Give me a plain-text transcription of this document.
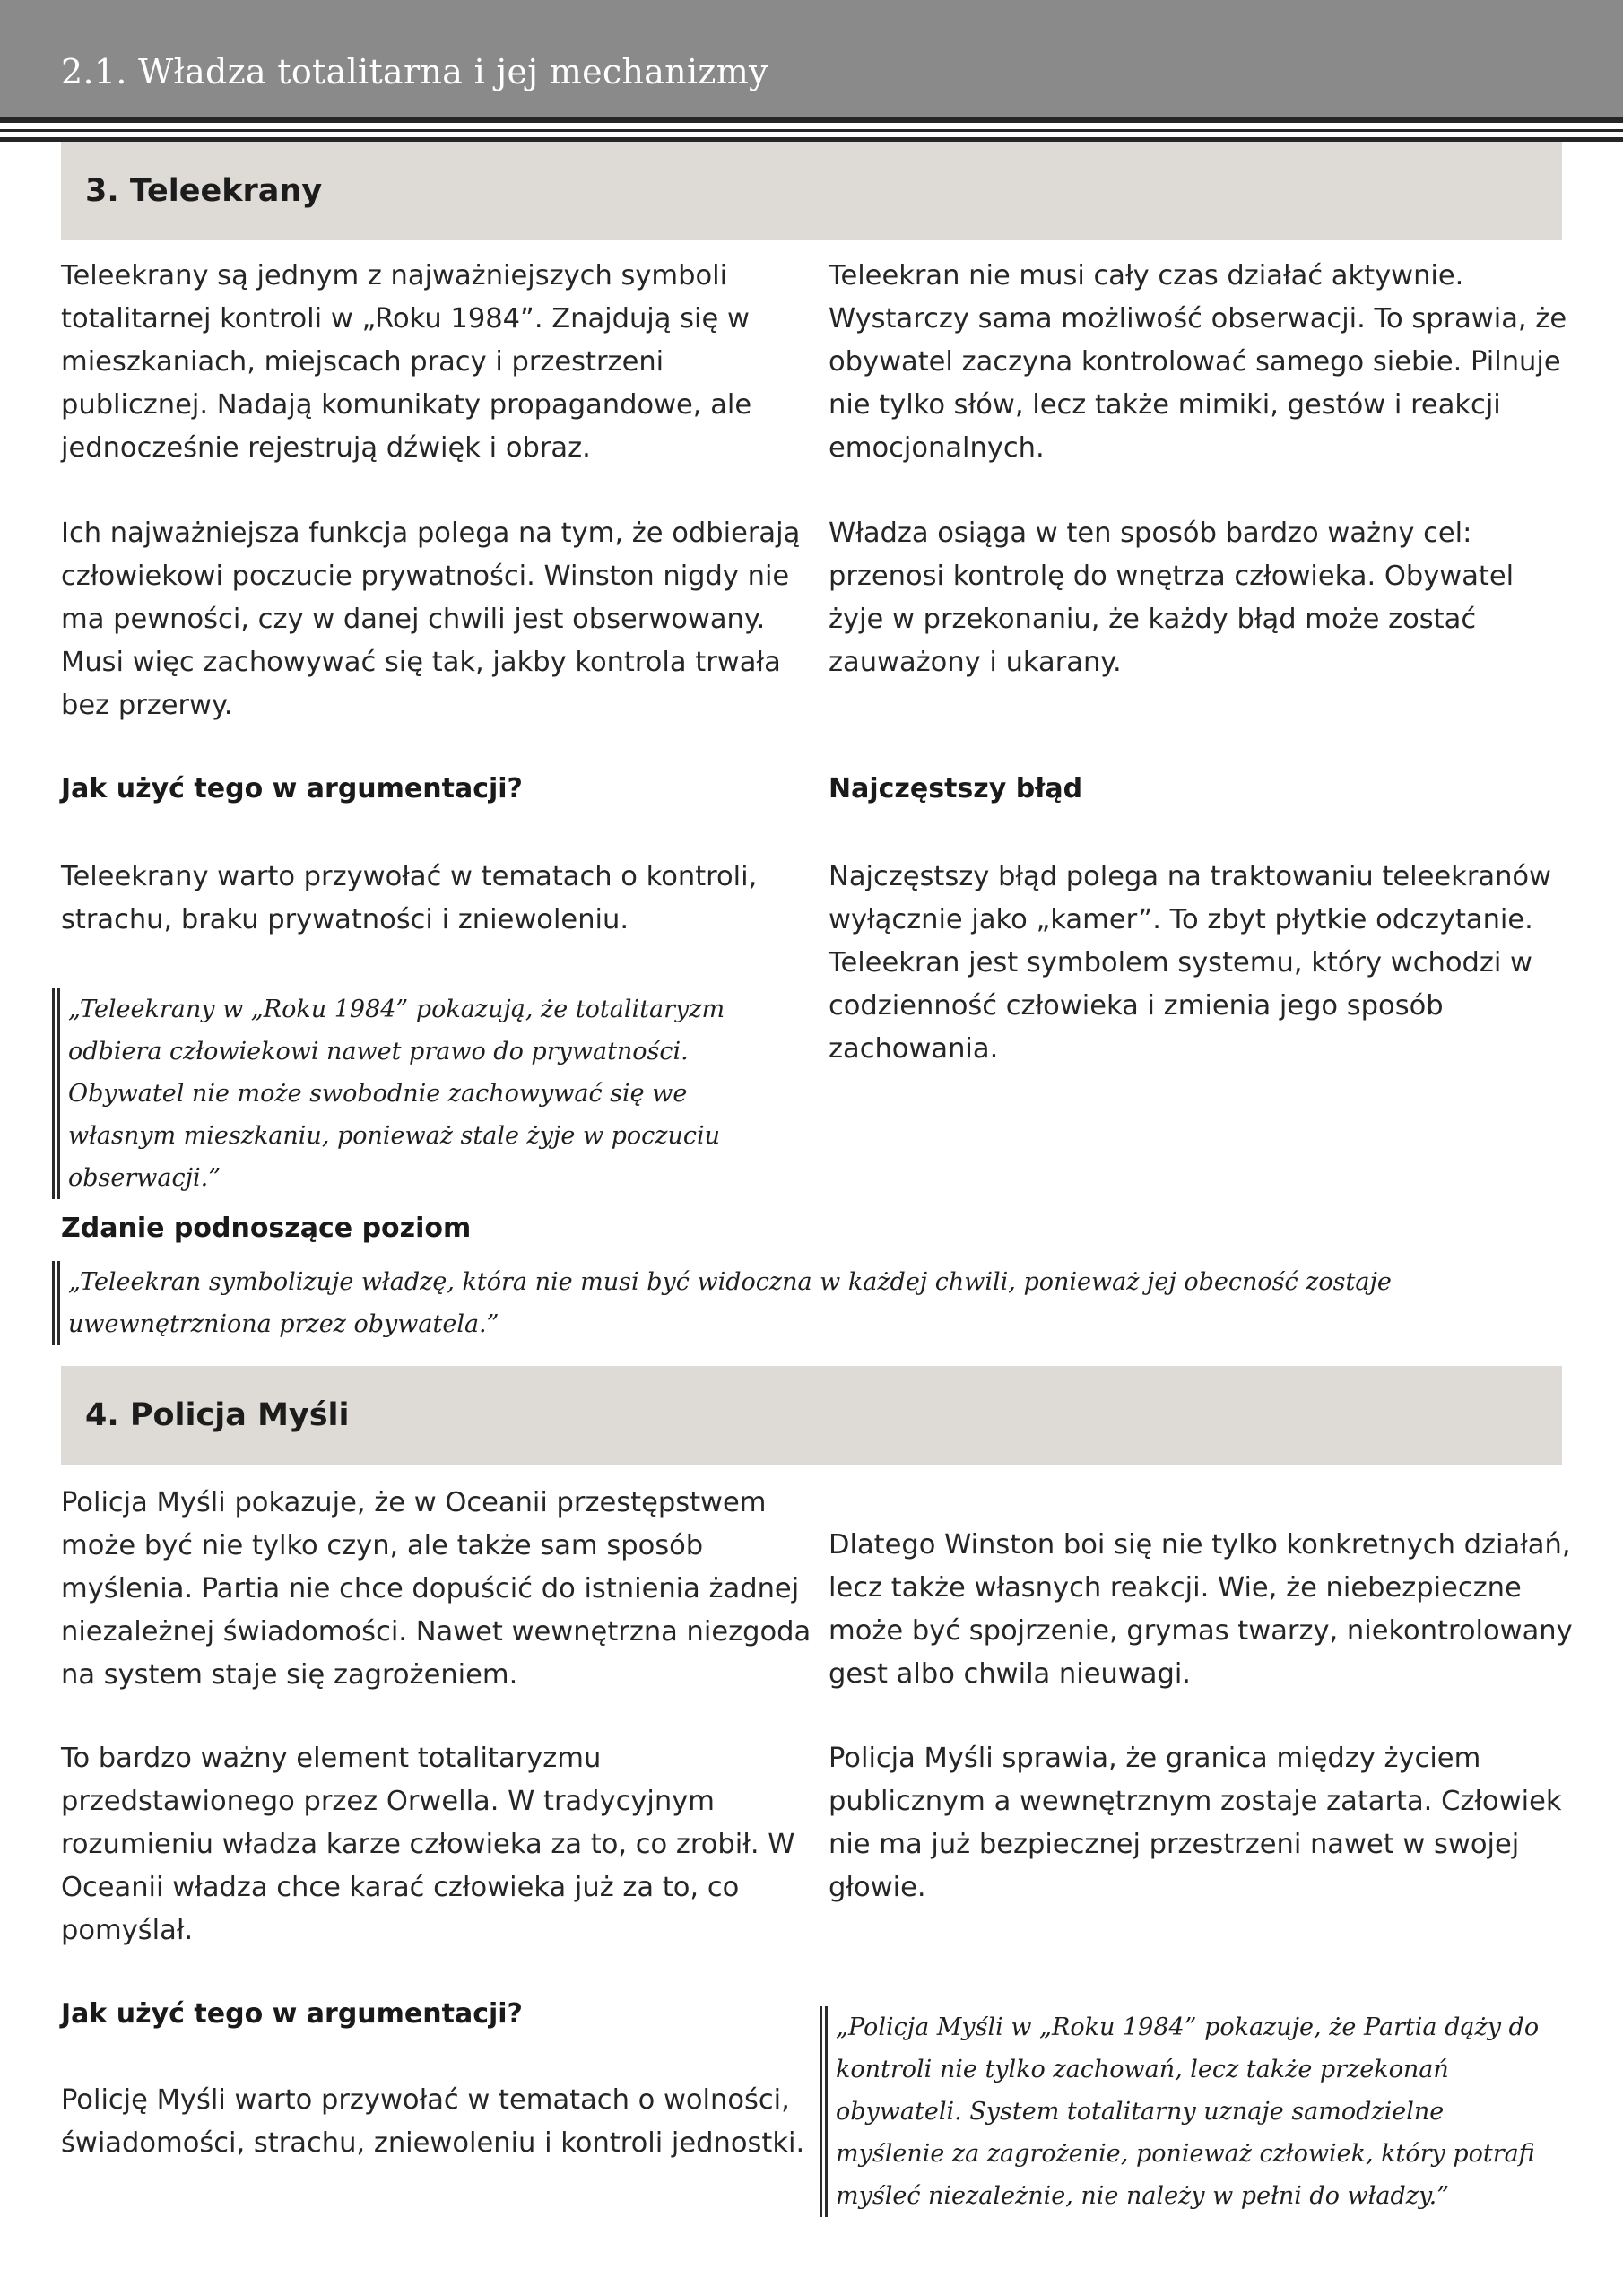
2.1. Władza totalitarna i jej mechanizmy
3. Teleekrany

Teleekrany są jednym z najważniejszych symboli totalitarnej kontroli w „Roku 1984”. Znajdują się w mieszkaniach, miejscach pracy i przestrzeni publicznej. Nadają komunikaty propagandowe, ale jednocześnie rejestrują dźwięk i obraz.

Ich najważniejsza funkcja polega na tym, że odbierają człowiekowi poczucie prywatności. Winston nigdy nie ma pewności, czy w danej chwili jest obserwowany. Musi więc zachowywać się tak, jakby kontrola trwała bez przerwy.

Jak użyć tego w argumentacji?

Teleekrany warto przywołać w tematach o kontroli, strachu, braku prywatności i zniewoleniu.

„Teleekrany w „Roku 1984” pokazują, że totalitaryzm odbiera człowiekowi nawet prawo do prywatności. Obywatel nie może swobodnie zachowywać się we własnym mieszkaniu, ponieważ stale żyje w poczuciu obserwacji.”

Teleekran nie musi cały czas działać aktywnie. Wystarczy sama możliwość obserwacji. To sprawia, że obywatel zaczyna kontrolować samego siebie. Pilnuje nie tylko słów, lecz także mimiki, gestów i reakcji emocjonalnych.

Władza osiąga w ten sposób bardzo ważny cel: przenosi kontrolę do wnętrza człowieka. Obywatel żyje w przekonaniu, że każdy błąd może zostać zauważony i ukarany.

Najczęstszy błąd

Najczęstszy błąd polega na traktowaniu teleekranów wyłącznie jako „kamer”. To zbyt płytkie odczytanie. Teleekran jest symbolem systemu, który wchodzi w codzienność człowieka i zmienia jego sposób zachowania.

Zdanie podnoszące poziom
„Teleekran symbolizuje władzę, która nie musi być widoczna w każdej chwili, ponieważ jej obecność zostaje uwewnętrzniona przez obywatela.”
4. Policja Myśli

Policja Myśli pokazuje, że w Oceanii przestępstwem może być nie tylko czyn, ale także sam sposób myślenia. Partia nie chce dopuścić do istnienia żadnej niezależnej świadomości. Nawet wewnętrzna niezgoda na system staje się zagrożeniem.

To bardzo ważny element totalitaryzmu przedstawionego przez Orwella. W tradycyjnym rozumieniu władza karze człowieka za to, co zrobił. W Oceanii władza chce karać człowieka już za to, co pomyślał.

Jak użyć tego w argumentacji?

Policję Myśli warto przywołać w tematach o wolności, świadomości, strachu, zniewoleniu i kontroli jednostki.

Dlatego Winston boi się nie tylko konkretnych działań, lecz także własnych reakcji. Wie, że niebezpieczne może być spojrzenie, grymas twarzy, niekontrolowany gest albo chwila nieuwagi.

Policja Myśli sprawia, że granica między życiem publicznym a wewnętrznym zostaje zatarta. Człowiek nie ma już bezpiecznej przestrzeni nawet w swojej głowie.

„Policja Myśli w „Roku 1984” pokazuje, że Partia dąży do kontroli nie tylko zachowań, lecz także przekonań obywateli. System totalitarny uznaje samodzielne myślenie za zagrożenie, ponieważ człowiek, który potrafi myśleć niezależnie, nie należy w pełni do władzy.”
